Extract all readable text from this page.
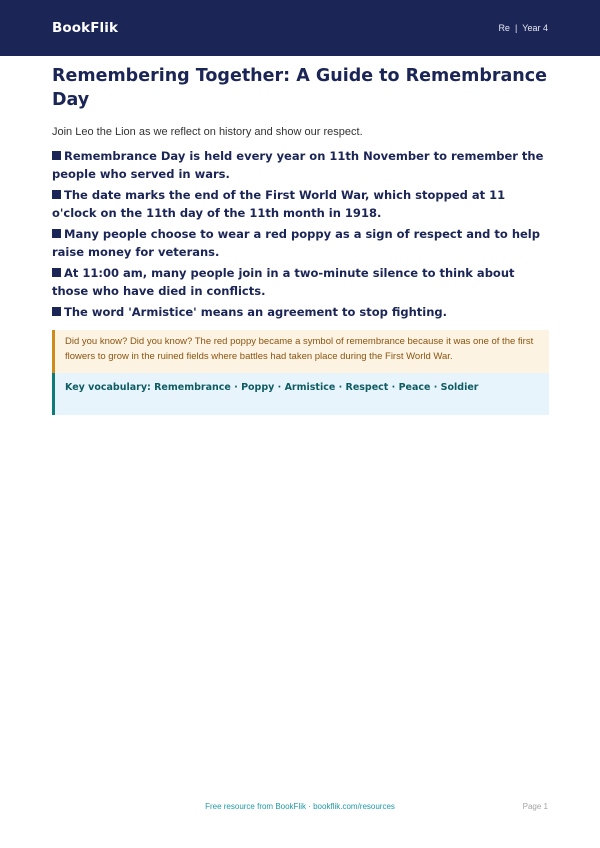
BookFlik	Re | Year 4
Remembering Together: A Guide to Remembrance Day

Join Leo the Lion as we reflect on history and show our respect.

Remembrance Day is held every year on 11th November to remember the people who served in wars.

The date marks the end of the First World War, which stopped at 11 o'clock on the 11th day of the 11th month in 1918.

Many people choose to wear a red poppy as a sign of respect and to help raise money for veterans.

At 11:00 am, many people join in a two-minute silence to think about those who have died in conflicts.

The word 'Armistice' means an agreement to stop fighting.

Did you know? Did you know? The red poppy became a symbol of remembrance because it was one of the first flowers to grow in the ruined fields where battles had taken place during the First World War.
Key vocabulary: Remembrance · Poppy · Armistice · Respect · Peace · Soldier
Free resource from BookFlik · bookflik.com/resources	Page 1
